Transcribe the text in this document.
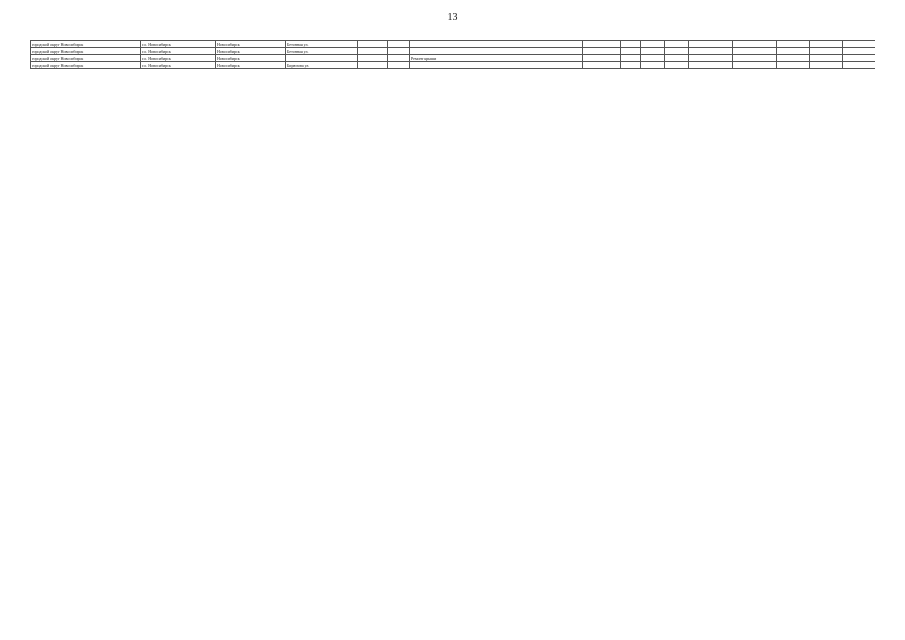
13
городской округ Новосибирск	г.о. Новосибирск	Новосибирск	Бетонная ул.												
городской округ Новосибирск	г.о. Новосибирск	Новосибирск	Бетонная ул.												
городской округ Новосибирск	г.о. Новосибирск	Новосибирск				Ремонт крыши									
городской округ Новосибирск	г.о. Новосибирск	Новосибирск	Бирюзова ул.												
